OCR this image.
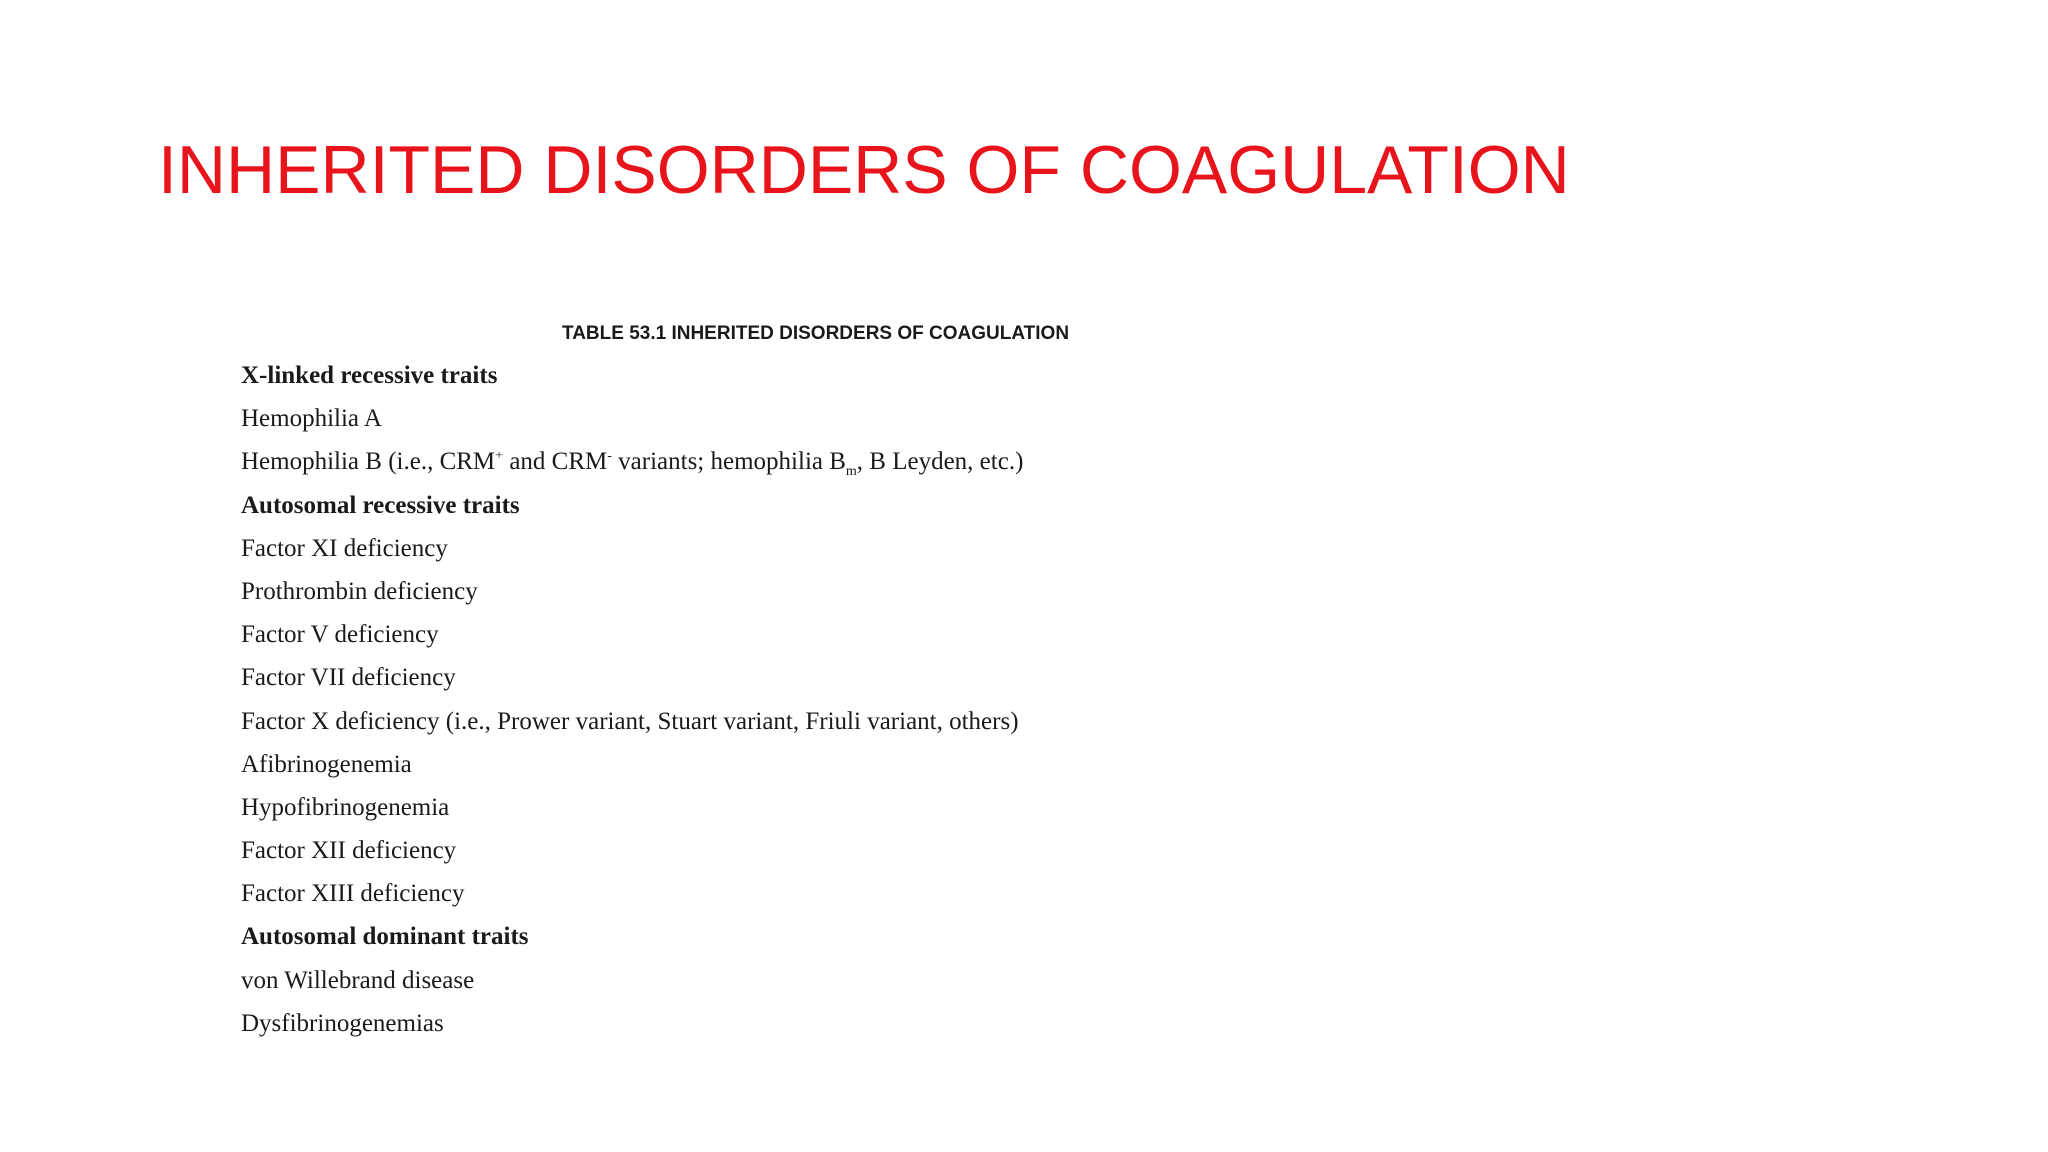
INHERITED DISORDERS OF COAGULATION
TABLE 53.1 INHERITED DISORDERS OF COAGULATION
X-linked recessive traits
Hemophilia A
Hemophilia B (i.e., CRM+ and CRM- variants; hemophilia $B_m$, B Leyden, etc.)
Autosomal recessive traits
Factor XI deficiency
Prothrombin deficiency
Factor V deficiency
Factor VII deficiency
Factor X deficiency (i.e., Prower variant, Stuart variant, Friuli variant, others)
Afibrinogenemia
Hypofibrinogenemia
Factor XII deficiency
Factor XIII deficiency
Autosomal dominant traits
von Willebrand disease
Dysfibrinogenemias
